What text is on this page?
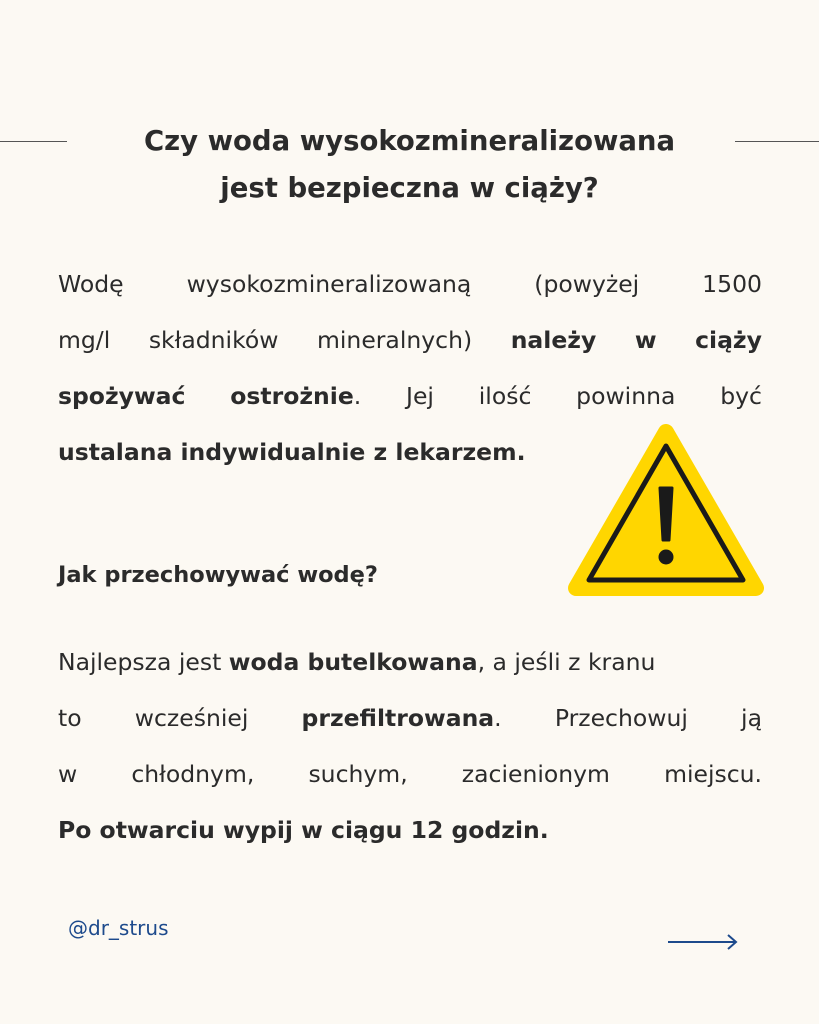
Czy woda wysokozmineralizowana
jest bezpieczna w ciąży?
Wodę	wysokozmineralizowaną	(powyżej	1500
mg/l składników mineralnych) należy w ciąży
spożywać ostrożnie. Jej ilość powinna być
ustalana indywidualnie z lekarzem.
Jak przechowywać wodę?
Najlepsza jest woda butelkowana, a jeśli z kranu
to wcześniej przefiltrowana. Przechowuj ją
w chłodnym, suchym, zacienionym miejscu.
Po otwarciu wypij w ciągu 12 godzin.

@dr_strus
